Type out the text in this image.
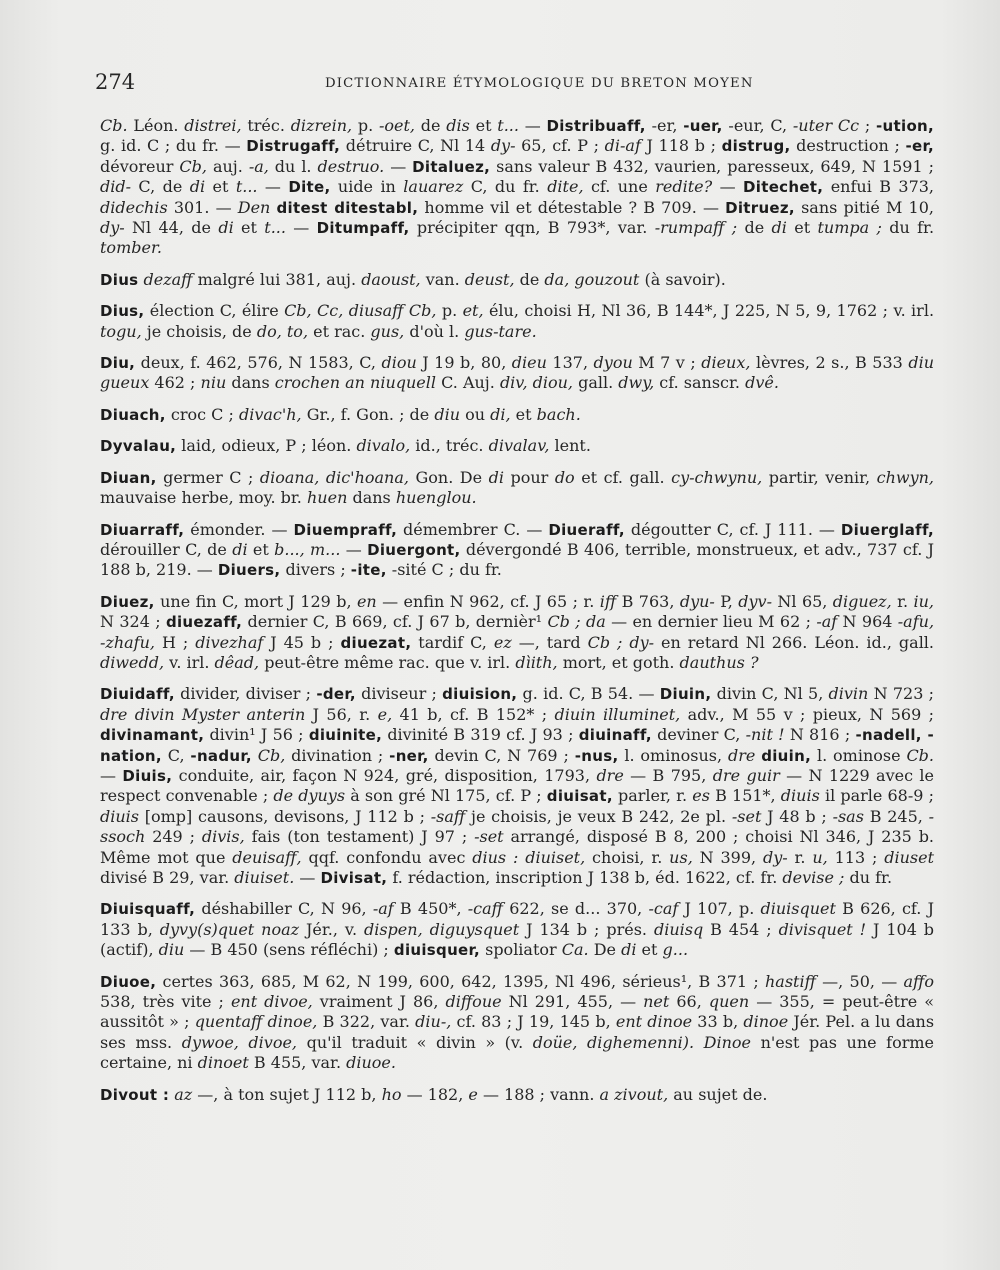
274	DICTIONNAIRE ÉTYMOLOGIQUE DU BRETON MOYEN

Cb. Léon. distrei, tréc. dizrein, p. -oet, de dis et t... — Distribuaff, -er, -uer, -eur, C, -uter Cc ; -ution, g. id. C ; du fr. — Distrugaff, détruire C, Nl 14 dy- 65, cf. P ; di-af J 118 b ; distrug, destruction ; -er, dévoreur Cb, auj. -a, du l. destruo. — Ditaluez, sans valeur B 432, vaurien, paresseux, 649, N 1591 ; did- C, de di et t... — Dite, uide in lauarez C, du fr. dite, cf. une redite? — Ditechet, enfui B 373, didechis 301. — Den ditest ditestabl, homme vil et détestable ? B 709. — Ditruez, sans pitié M 10, dy- Nl 44, de di et t... — Ditumpaff, précipiter qqn, B 793*, var. -rumpaff ; de di et tumpa ; du fr. tomber.

Dius dezaff malgré lui 381, auj. daoust, van. deust, de da, gouzout (à savoir).

Dius, élection C, élire Cb, Cc, diusaff Cb, p. et, élu, choisi H, Nl 36, B 144*, J 225, N 5, 9, 1762 ; v. irl. togu, je choisis, de do, to, et rac. gus, d'où l. gus-tare.

Diu, deux, f. 462, 576, N 1583, C, diou J 19 b, 80, dieu 137, dyou M 7 v ; dieux, lèvres, 2 s., B 533 diu gueux 462 ; niu dans crochen an niuquell C. Auj. div, diou, gall. dwy, cf. sanscr. dvê.

Diuach, croc C ; divac'h, Gr., f. Gon. ; de diu ou di, et bach.

Dyvalau, laid, odieux, P ; léon. divalo, id., tréc. divalav, lent.

Diuan, germer C ; dioana, dic'hoana, Gon. De di pour do et cf. gall. cy-chwynu, partir, venir, chwyn, mauvaise herbe, moy. br. huen dans huenglou.

Diuarraff, émonder. — Diuempraff, démembrer C. — Diueraff, dégoutter C, cf. J 111. — Diuerglaff, dérouiller C, de di et b..., m... — Diuergont, dévergondé B 406, terrible, monstrueux, et adv., 737 cf. J 188 b, 219. — Diuers, divers ; -ite, -sité C ; du fr.

Diuez, une fin C, mort J 129 b, en — enfin N 962, cf. J 65 ; r. iff B 763, dyu- P, dyv- Nl 65, diguez, r. iu, N 324 ; diuezaff, dernier C, B 669, cf. J 67 b, dernièr¹ Cb ; da — en dernier lieu M 62 ; -af N 964 -afu, -zhafu, H ; divezhaf J 45 b ; diuezat, tardif C, ez —, tard Cb ; dy- en retard Nl 266. Léon. id., gall. diwedd, v. irl. dêad, peut-être même rac. que v. irl. dìith, mort, et goth. dauthus ?

Diuidaff, divider, diviser ; -der, diviseur ; diuision, g. id. C, B 54. — Diuin, divin C, Nl 5, divin N 723 ; dre divin Myster anterin J 56, r. e, 41 b, cf. B 152* ; diuin illuminet, adv., M 55 v ; pieux, N 569 ; divinamant, divin¹ J 56 ; diuinite, divinité B 319 cf. J 93 ; diuinaff, deviner C, -nit ! N 816 ; -nadell, -nation, C, -nadur, Cb, divination ; -ner, devin C, N 769 ; -nus, l. ominosus, dre diuin, l. ominose Cb. — Diuis, conduite, air, façon N 924, gré, disposition, 1793, dre — B 795, dre guir — N 1229 avec le respect convenable ; de dyuys à son gré Nl 175, cf. P ; diuisat, parler, r. es B 151*, diuis il parle 68-9 ; diuis [omp] causons, devisons, J 112 b ; -saff je choisis, je veux B 242, 2e pl. -set J 48 b ; -sas B 245, -ssoch 249 ; divis, fais (ton testament) J 97 ; -set arrangé, disposé B 8, 200 ; choisi Nl 346, J 235 b. Même mot que deuisaff, qqf. confondu avec dius : diuiset, choisi, r. us, N 399, dy- r. u, 113 ; diuset divisé B 29, var. diuiset. — Divisat, f. rédaction, inscription J 138 b, éd. 1622, cf. fr. devise ; du fr.

Diuisquaff, déshabiller C, N 96, -af B 450*, -caff 622, se d... 370, -caf J 107, p. diuisquet B 626, cf. J 133 b, dyvy(s)quet noaz Jér., v. dispen, diguysquet J 134 b ; prés. diuisq B 454 ; divisquet ! J 104 b (actif), diu — B 450 (sens réfléchi) ; diuisquer, spoliator Ca. De di et g...

Diuoe, certes 363, 685, M 62, N 199, 600, 642, 1395, Nl 496, sérieus¹, B 371 ; hastiff —, 50, — affo 538, très vite ; ent divoe, vraiment J 86, diffoue Nl 291, 455, — net 66, quen — 355, = peut-être « aussitôt » ; quentaff dinoe, B 322, var. diu-, cf. 83 ; J 19, 145 b, ent dinoe 33 b, dinoe Jér. Pel. a lu dans ses mss. dywoe, divoe, qu'il traduit « divin » (v. doüe, dighemenni). Dinoe n'est pas une forme certaine, ni dinoet B 455, var. diuoe.

Divout : az —, à ton sujet J 112 b, ho — 182, e — 188 ; vann. a zivout, au sujet de.
